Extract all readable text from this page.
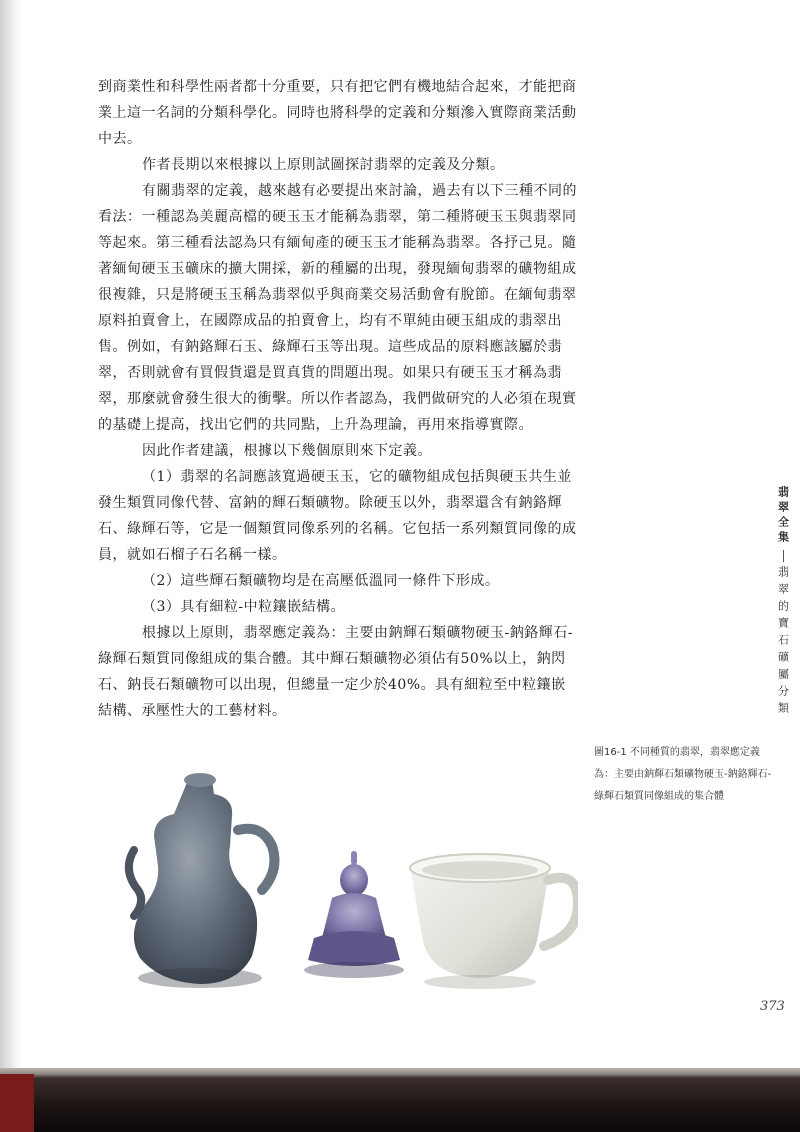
到商業性和科學性兩者都十分重要，只有把它們有機地結合起來，才能把商業上這一名詞的分類科學化。同時也將科學的定義和分類滲入實際商業活動中去。

作者長期以來根據以上原則試圖探討翡翠的定義及分類。

有關翡翠的定義，越來越有必要提出來討論，過去有以下三種不同的看法：一種認為美麗高檔的硬玉玉才能稱為翡翠，第二種將硬玉玉與翡翠同等起來。第三種看法認為只有緬甸產的硬玉玉才能稱為翡翠。各抒己見。隨著緬甸硬玉玉礦床的擴大開採，新的種屬的出現，發現緬甸翡翠的礦物組成很複雜，只是將硬玉玉稱為翡翠似乎與商業交易活動會有脫節。在緬甸翡翠原料拍賣會上，在國際成品的拍賣會上，均有不單純由硬玉組成的翡翠出售。例如，有鈉鉻輝石玉、綠輝石玉等出現。這些成品的原料應該屬於翡翠，否則就會有買假貨還是買真貨的問題出現。如果只有硬玉玉才稱為翡翠，那麼就會發生很大的衝擊。所以作者認為，我們做研究的人必須在現實的基礎上提高，找出它們的共同點，上升為理論，再用來指導實際。

因此作者建議，根據以下幾個原則來下定義。

（1）翡翠的名詞應該寬過硬玉玉，它的礦物組成包括與硬玉共生並發生類質同像代替、富鈉的輝石類礦物。除硬玉以外，翡翠還含有鈉鉻輝石、綠輝石等，它是一個類質同像系列的名稱。它包括一系列類質同像的成員，就如石榴子石名稱一樣。

（2）這些輝石類礦物均是在高壓低溫同一條件下形成。

（3）具有細粒-中粒鑲嵌結構。

根據以上原則，翡翠應定義為：主要由鈉輝石類礦物硬玉-鈉鉻輝石-綠輝石類質同像組成的集合體。其中輝石類礦物必須佔有50%以上，鈉閃石、鈉長石類礦物可以出現，但總量一定少於40%。具有細粒至中粒鑲嵌結構、承壓性大的工藝材料。

翡翠全集
翡翠的寶石礦屬分類
圖16-1 不同種質的翡翠，翡翠應定義為：主要由鈉輝石類礦物硬玉-鈉鉻輝石-綠輝石類質同像組成的集合體
373
